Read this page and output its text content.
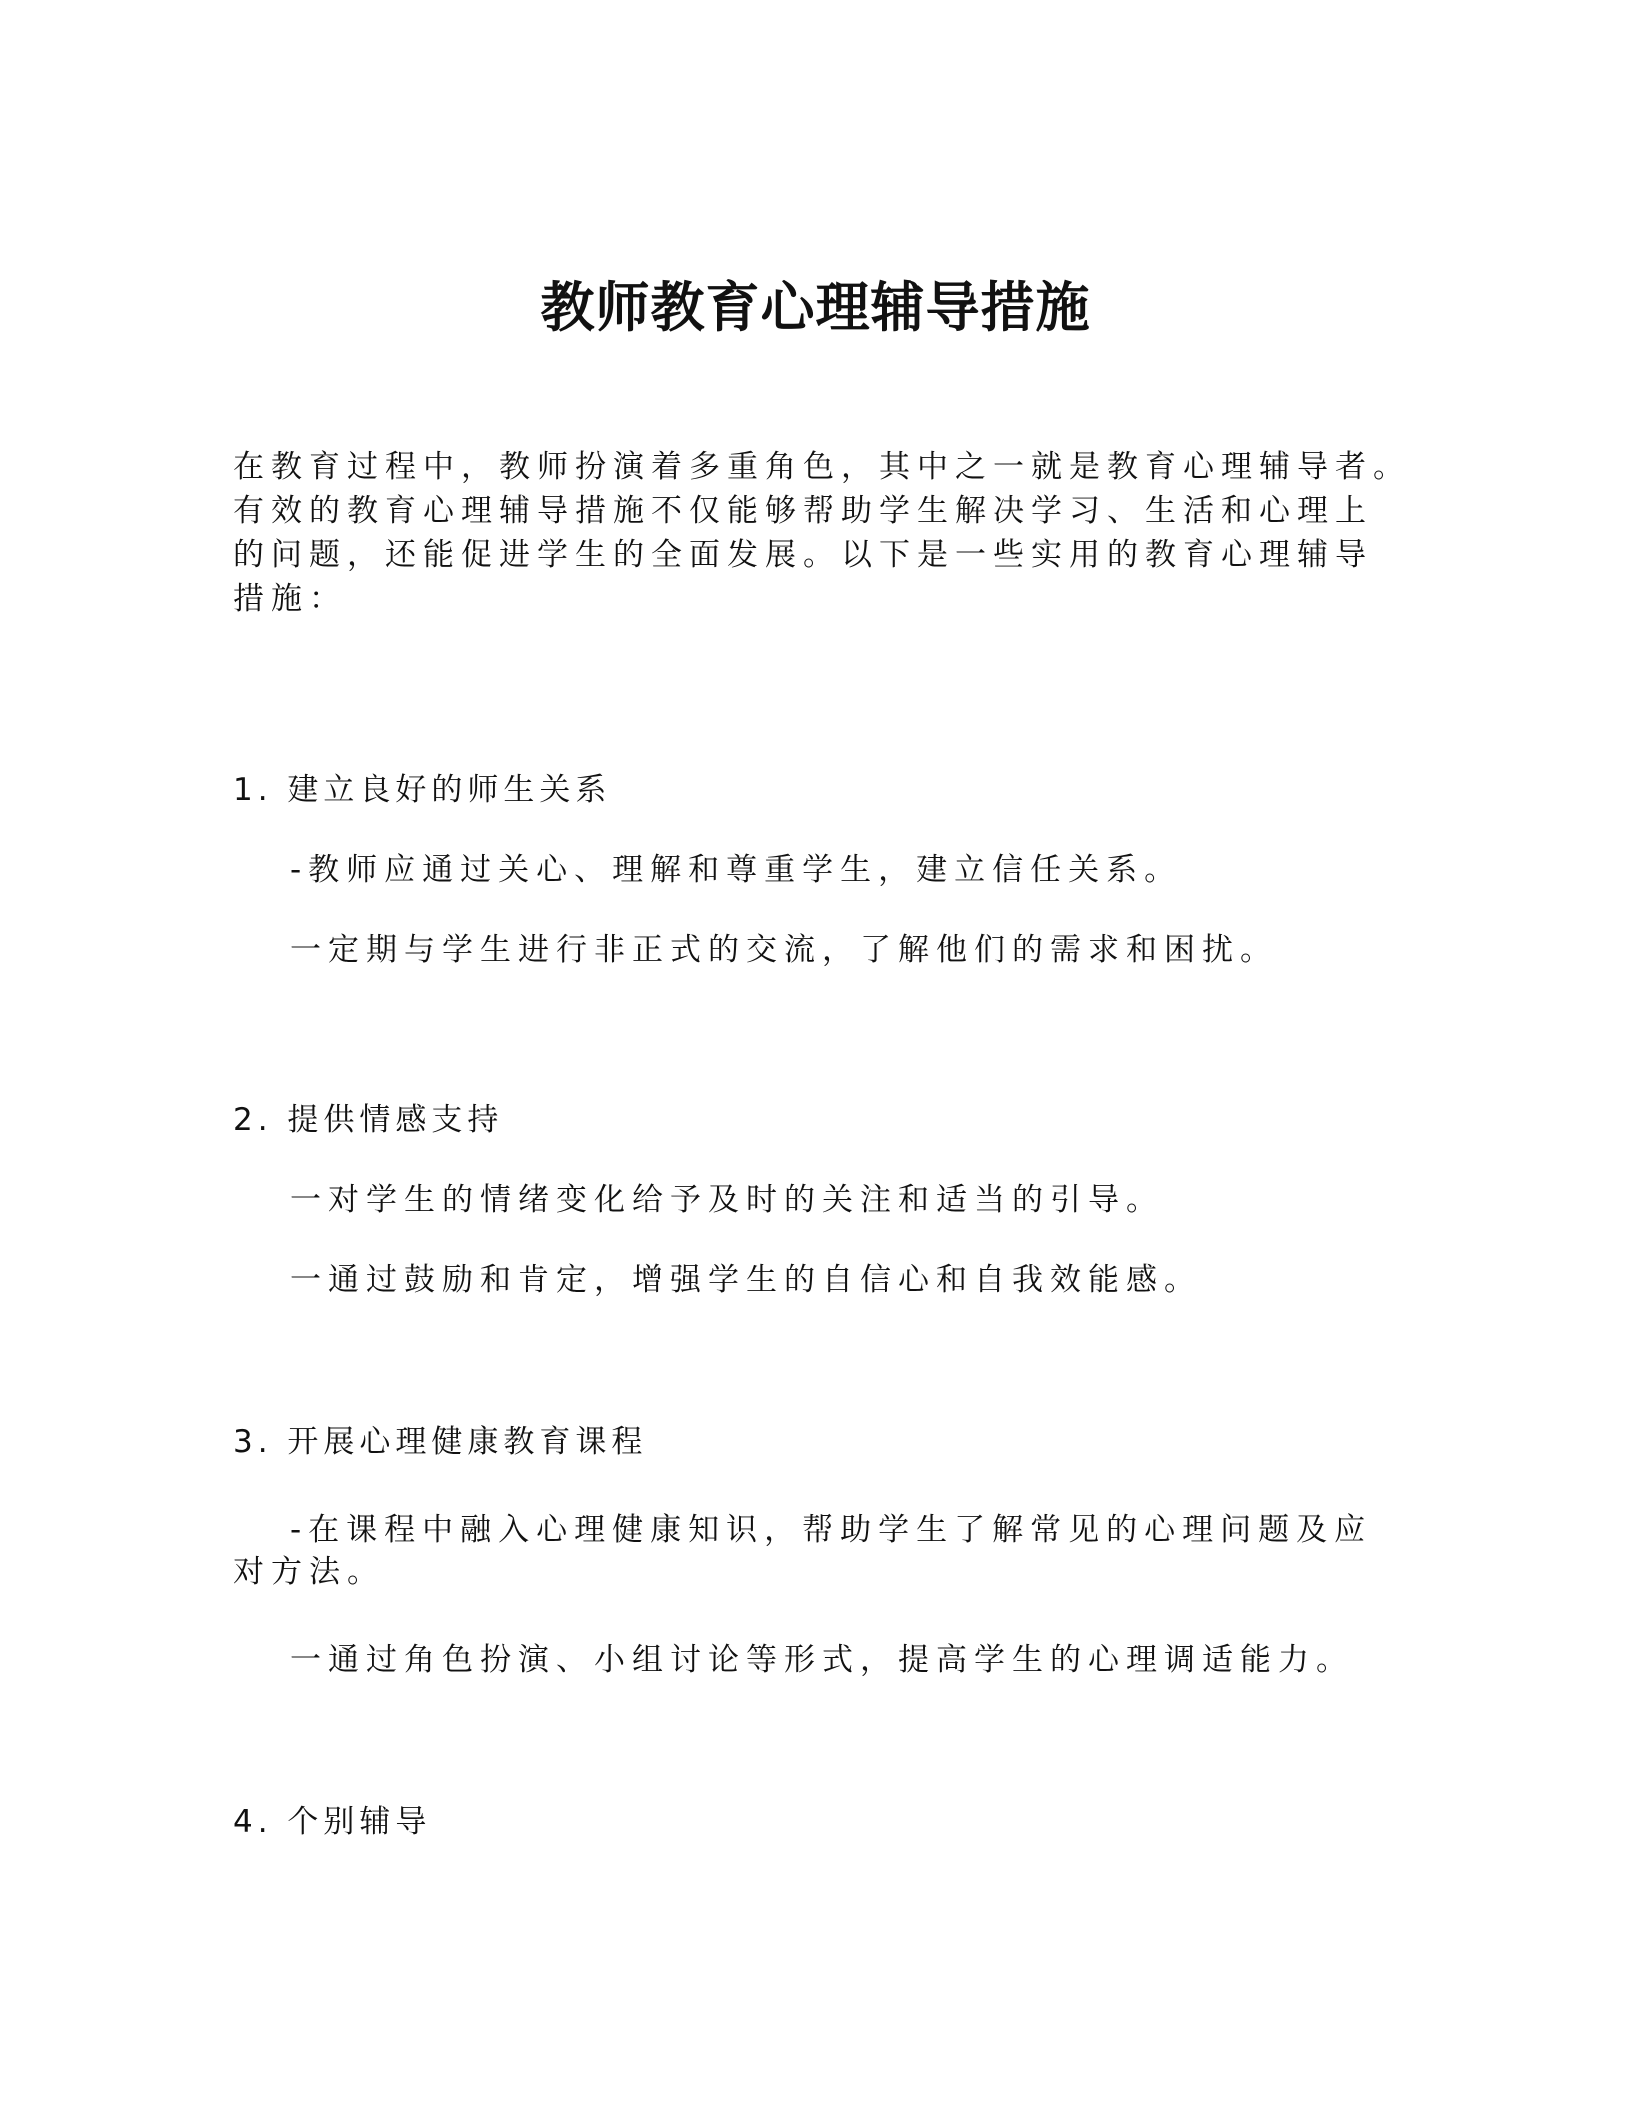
教师教育心理辅导措施
在教育过程中，教师扮演着多重角色，其中之一就是教育心理辅导者。
有效的教育心理辅导措施不仅能够帮助学生解决学习、生活和心理上
的问题，还能促进学生的全面发展。以下是一些实用的教育心理辅导
措施：
1. 建立良好的师生关系
-教师应通过关心、理解和尊重学生，建立信任关系。
一定期与学生进行非正式的交流，了解他们的需求和困扰。
2. 提供情感支持
一对学生的情绪变化给予及时的关注和适当的引导。
一通过鼓励和肯定，增强学生的自信心和自我效能感。
3. 开展心理健康教育课程
-在课程中融入心理健康知识，帮助学生了解常见的心理问题及应
对方法。
一通过角色扮演、小组讨论等形式，提高学生的心理调适能力。
4. 个别辅导
